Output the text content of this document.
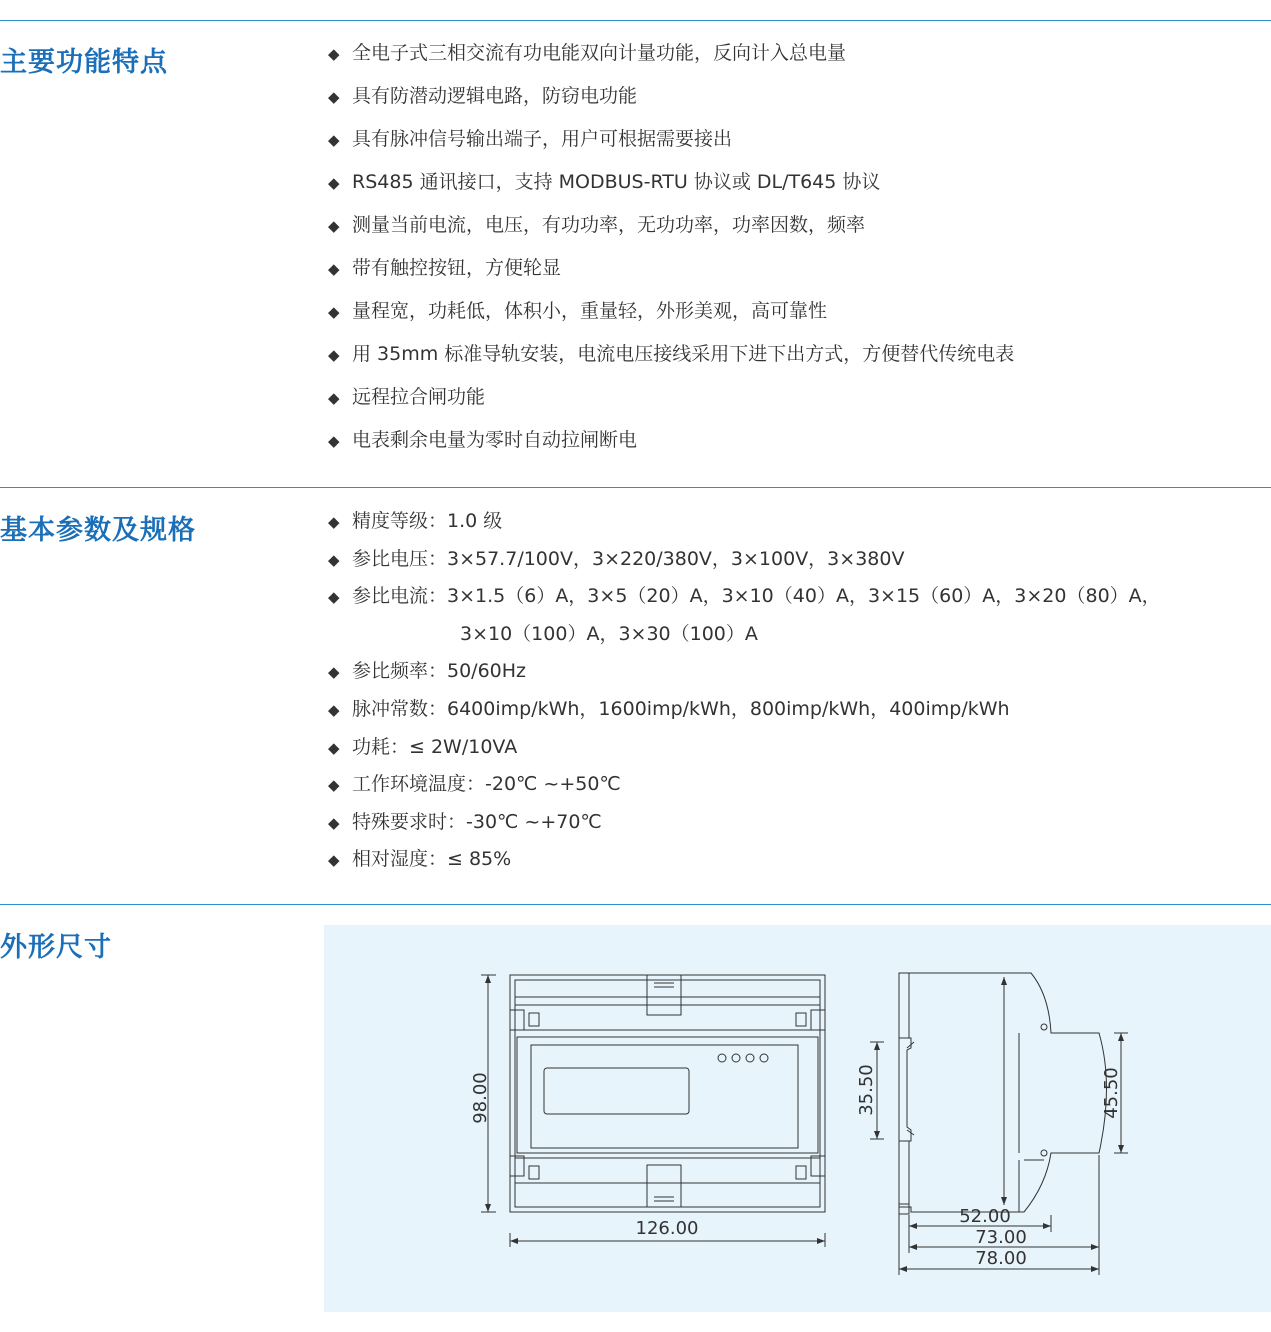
主要功能特点	◆ 全电子式三相交流有功电能双向计量功能，反向计入总电量
◆ 具有防潜动逻辑电路，防窃电功能
◆ 具有脉冲信号输出端子，用户可根据需要接出
◆ RS485 通讯接口，支持 MODBUS-RTU 协议或 DL/T645 协议
◆ 测量当前电流，电压，有功功率，无功功率，功率因数，频率
◆ 带有触控按钮，方便轮显
◆ 量程宽，功耗低，体积小，重量轻，外形美观，高可靠性
◆ 用 35mm 标准导轨安装，电流电压接线采用下进下出方式，方便替代传统电表
◆ 远程拉合闸功能
◆ 电表剩余电量为零时自动拉闸断电
基本参数及规格	◆ 精度等级：1.0 级
◆ 参比电压：3×57.7/100V，3×220/380V，3×100V，3×380V
◆ 参比电流：3×1.5（6）A，3×5（20）A，3×10（40）A，3×15（60）A，3×20（80）A，
3×10（100）A，3×30（100）A
◆ 参比频率：50/60Hz
◆ 脉冲常数：6400imp/kWh，1600imp/kWh，800imp/kWh，400imp/kWh
◆ 功耗：≤ 2W/10VA
◆ 工作环境温度：-20℃ ~+50℃
◆ 特殊要求时：-30℃ ~+70℃
◆ 相对湿度：≤ 85%
外形尺寸
98.00
126.00
35.50	45.50
52.00
73.00
78.00
